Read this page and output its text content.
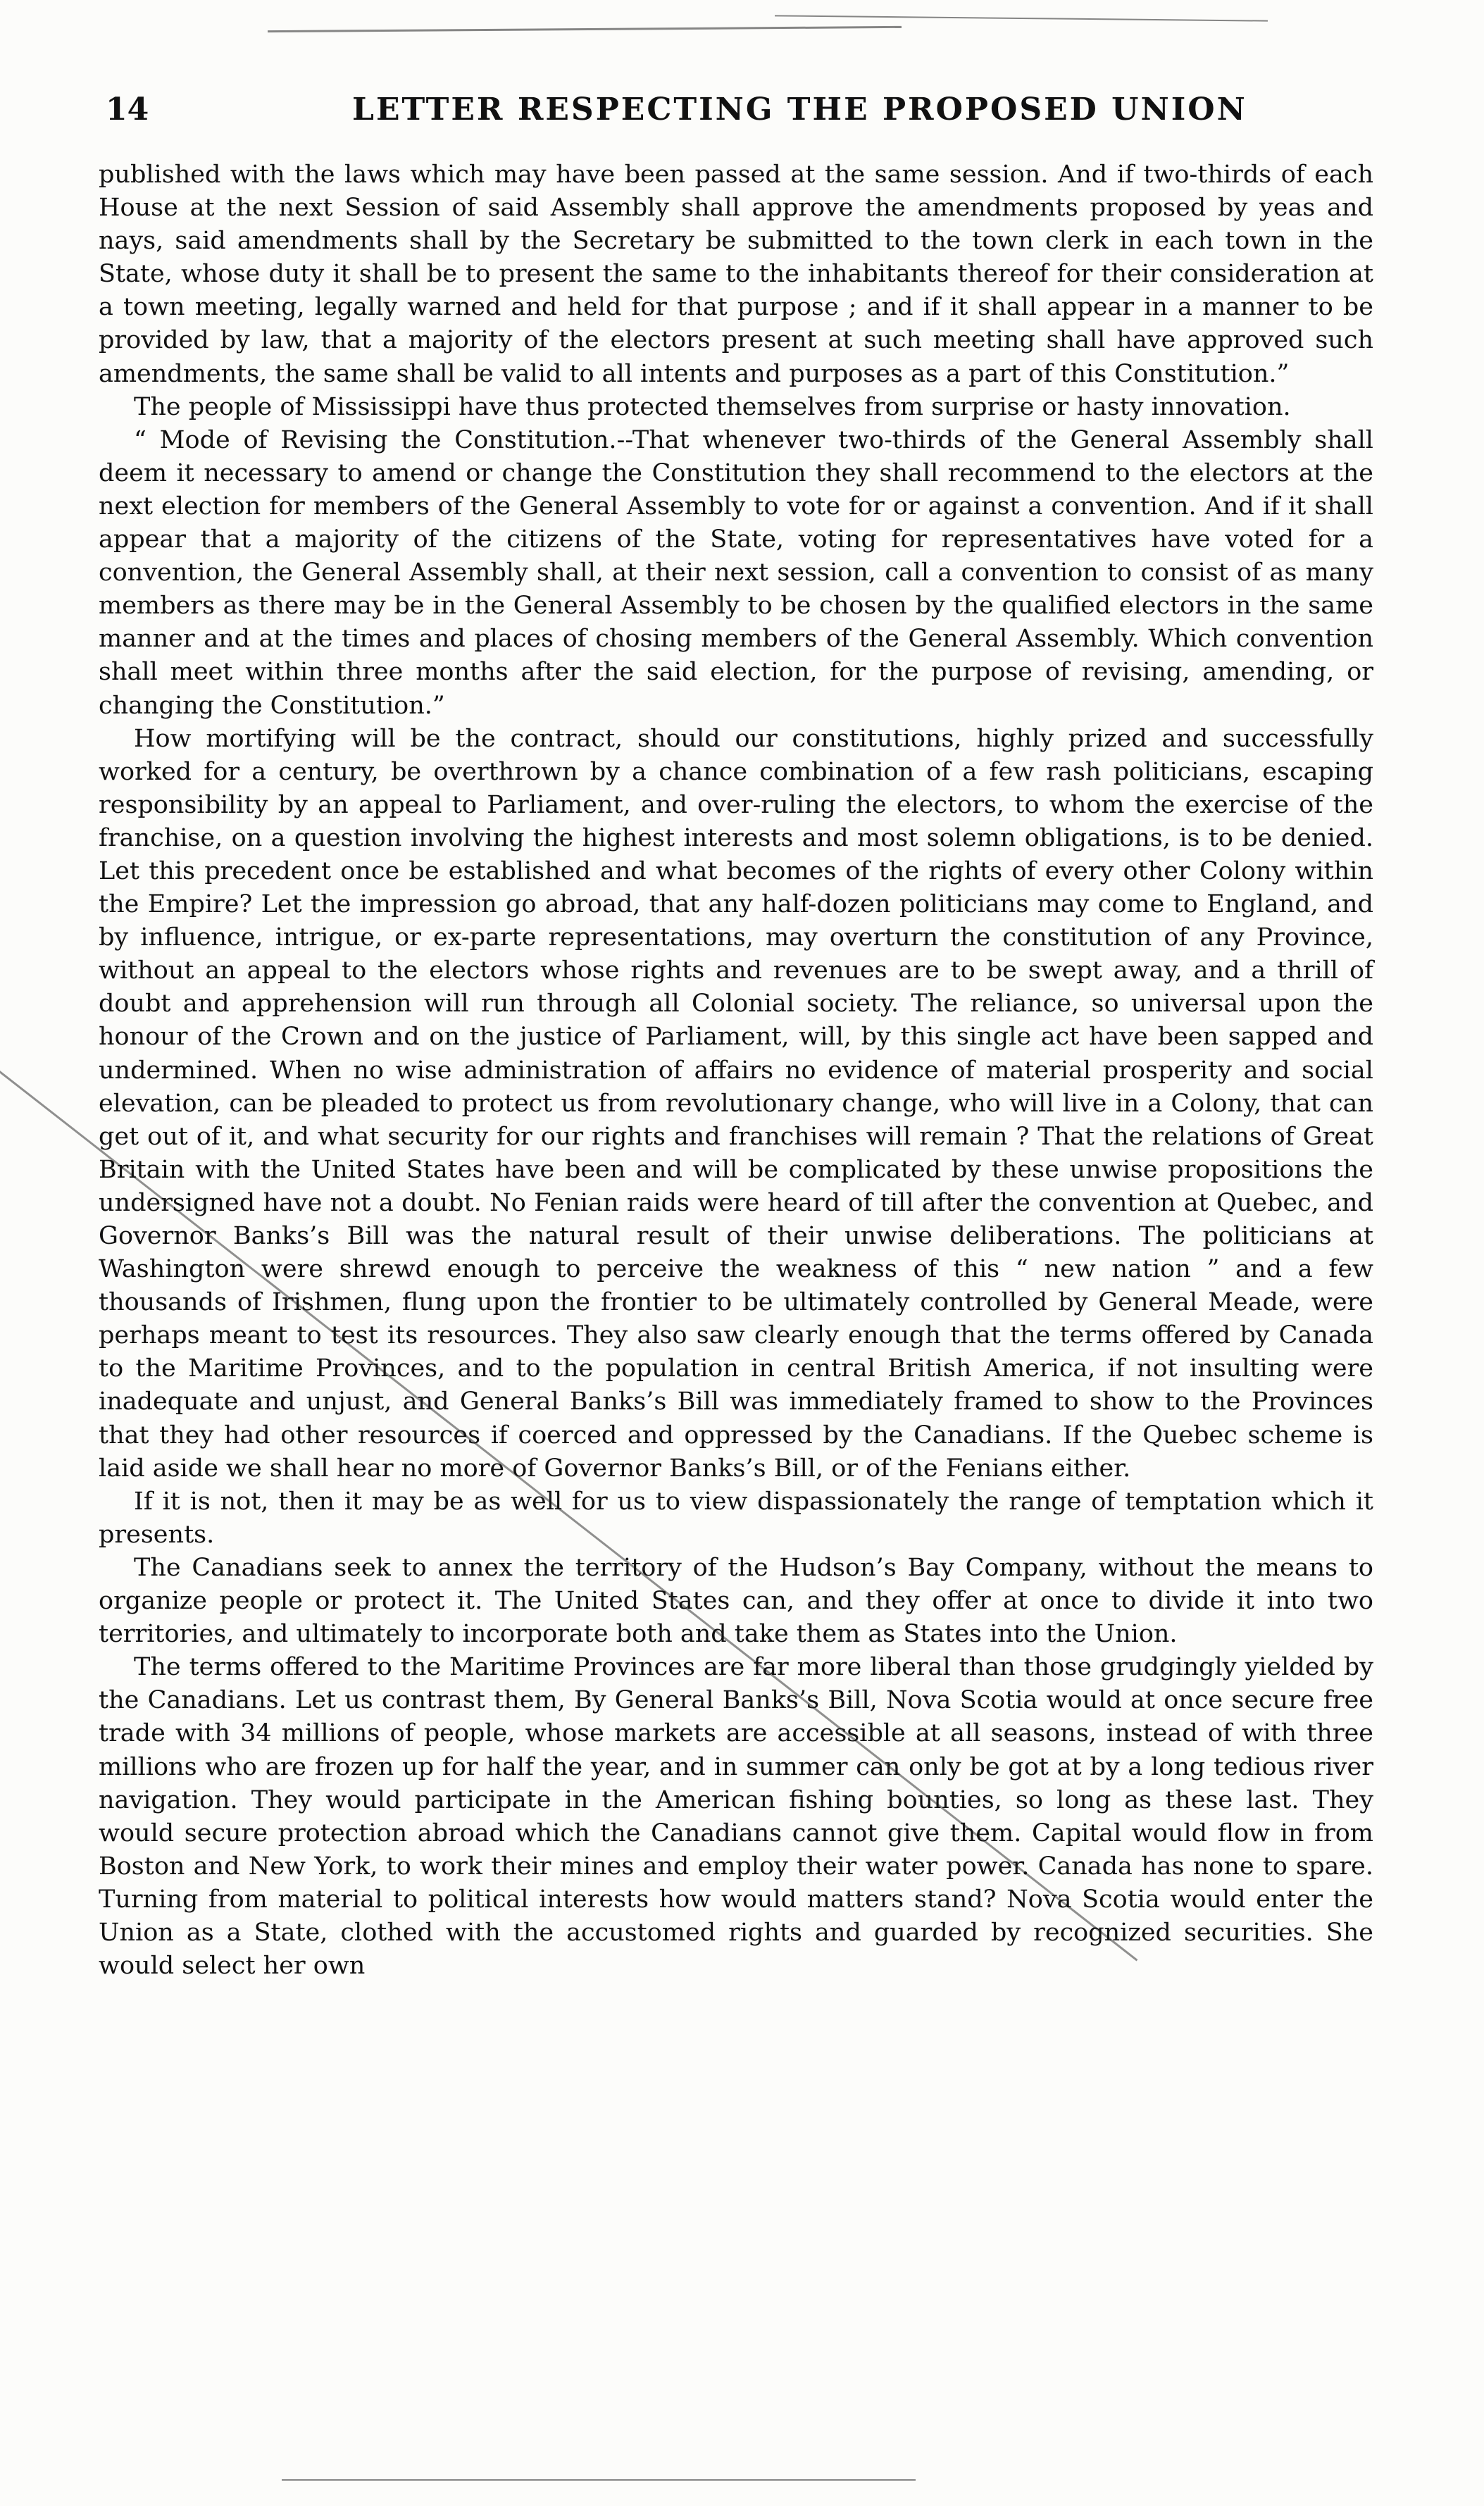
14	LETTER RESPECTING THE PROPOSED UNION

published with the laws which may have been passed at the same session. And if two-thirds of each House at the next Session of said Assembly shall approve the amendments proposed by yeas and nays, said amendments shall by the Secretary be submitted to the town clerk in each town in the State, whose duty it shall be to present the same to the inhabitants thereof for their consideration at a town meeting, legally warned and held for that purpose ; and if it shall appear in a manner to be provided by law, that a majority of the electors present at such meeting shall have approved such amendments, the same shall be valid to all intents and purposes as a part of this Constitution.”

The people of Mississippi have thus protected themselves from surprise or hasty innovation.

“ Mode of Revising the Constitution.--That whenever two-thirds of the General Assembly shall deem it necessary to amend or change the Constitution they shall recommend to the electors at the next election for members of the General Assembly to vote for or against a convention. And if it shall appear that a majority of the citizens of the State, voting for representatives have voted for a convention, the General Assembly shall, at their next session, call a convention to consist of as many members as there may be in the General Assembly to be chosen by the qualified electors in the same manner and at the times and places of chosing members of the General Assembly. Which convention shall meet within three months after the said election, for the purpose of revising, amending, or changing the Constitution.”

How mortifying will be the contract, should our constitutions, highly prized and successfully worked for a century, be overthrown by a chance combination of a few rash politicians, escaping responsibility by an appeal to Parliament, and over-ruling the electors, to whom the exercise of the franchise, on a question involving the highest interests and most solemn obligations, is to be denied. Let this precedent once be established and what becomes of the rights of every other Colony within the Empire? Let the impression go abroad, that any half-dozen politicians may come to England, and by influence, intrigue, or ex-parte representations, may overturn the constitution of any Province, without an appeal to the electors whose rights and revenues are to be swept away, and a thrill of doubt and apprehension will run through all Colonial society. The reliance, so universal upon the honour of the Crown and on the justice of Parliament, will, by this single act have been sapped and undermined. When no wise administration of affairs no evidence of material prosperity and social elevation, can be pleaded to protect us from revolutionary change, who will live in a Colony, that can get out of it, and what security for our rights and franchises will remain ? That the relations of Great Britain with the United States have been and will be complicated by these unwise propositions the undersigned have not a doubt. No Fenian raids were heard of till after the convention at Quebec, and Governor Banks’s Bill was the natural result of their unwise deliberations. The politicians at Washington were shrewd enough to perceive the weakness of this “ new nation ” and a few thousands of Irishmen, flung upon the frontier to be ultimately controlled by General Meade, were perhaps meant to test its resources. They also saw clearly enough that the terms offered by Canada to the Maritime Provinces, and to the population in central British America, if not insulting were inadequate and unjust, and General Banks’s Bill was immediately framed to show to the Provinces that they had other resources if coerced and oppressed by the Canadians. If the Quebec scheme is laid aside we shall hear no more of Governor Banks’s Bill, or of the Fenians either.

If it is not, then it may be as well for us to view dispassionately the range of temptation which it presents.

The Canadians seek to annex the territory of the Hudson’s Bay Company, without the means to organize people or protect it. The United States can, and they offer at once to divide it into two territories, and ultimately to incorporate both and take them as States into the Union.

The terms offered to the Maritime Provinces are far more liberal than those grudgingly yielded by the Canadians. Let us contrast them, By General Banks’s Bill, Nova Scotia would at once secure free trade with 34 millions of people, whose markets are accessible at all seasons, instead of with three millions who are frozen up for half the year, and in summer can only be got at by a long tedious river navigation. They would participate in the American fishing bounties, so long as these last. They would secure protection abroad which the Canadians cannot give them. Capital would flow in from Boston and New York, to work their mines and employ their water power. Canada has none to spare. Turning from material to political interests how would matters stand? Nova Scotia would enter the Union as a State, clothed with the accustomed rights and guarded by recognized securities. She would select her own
